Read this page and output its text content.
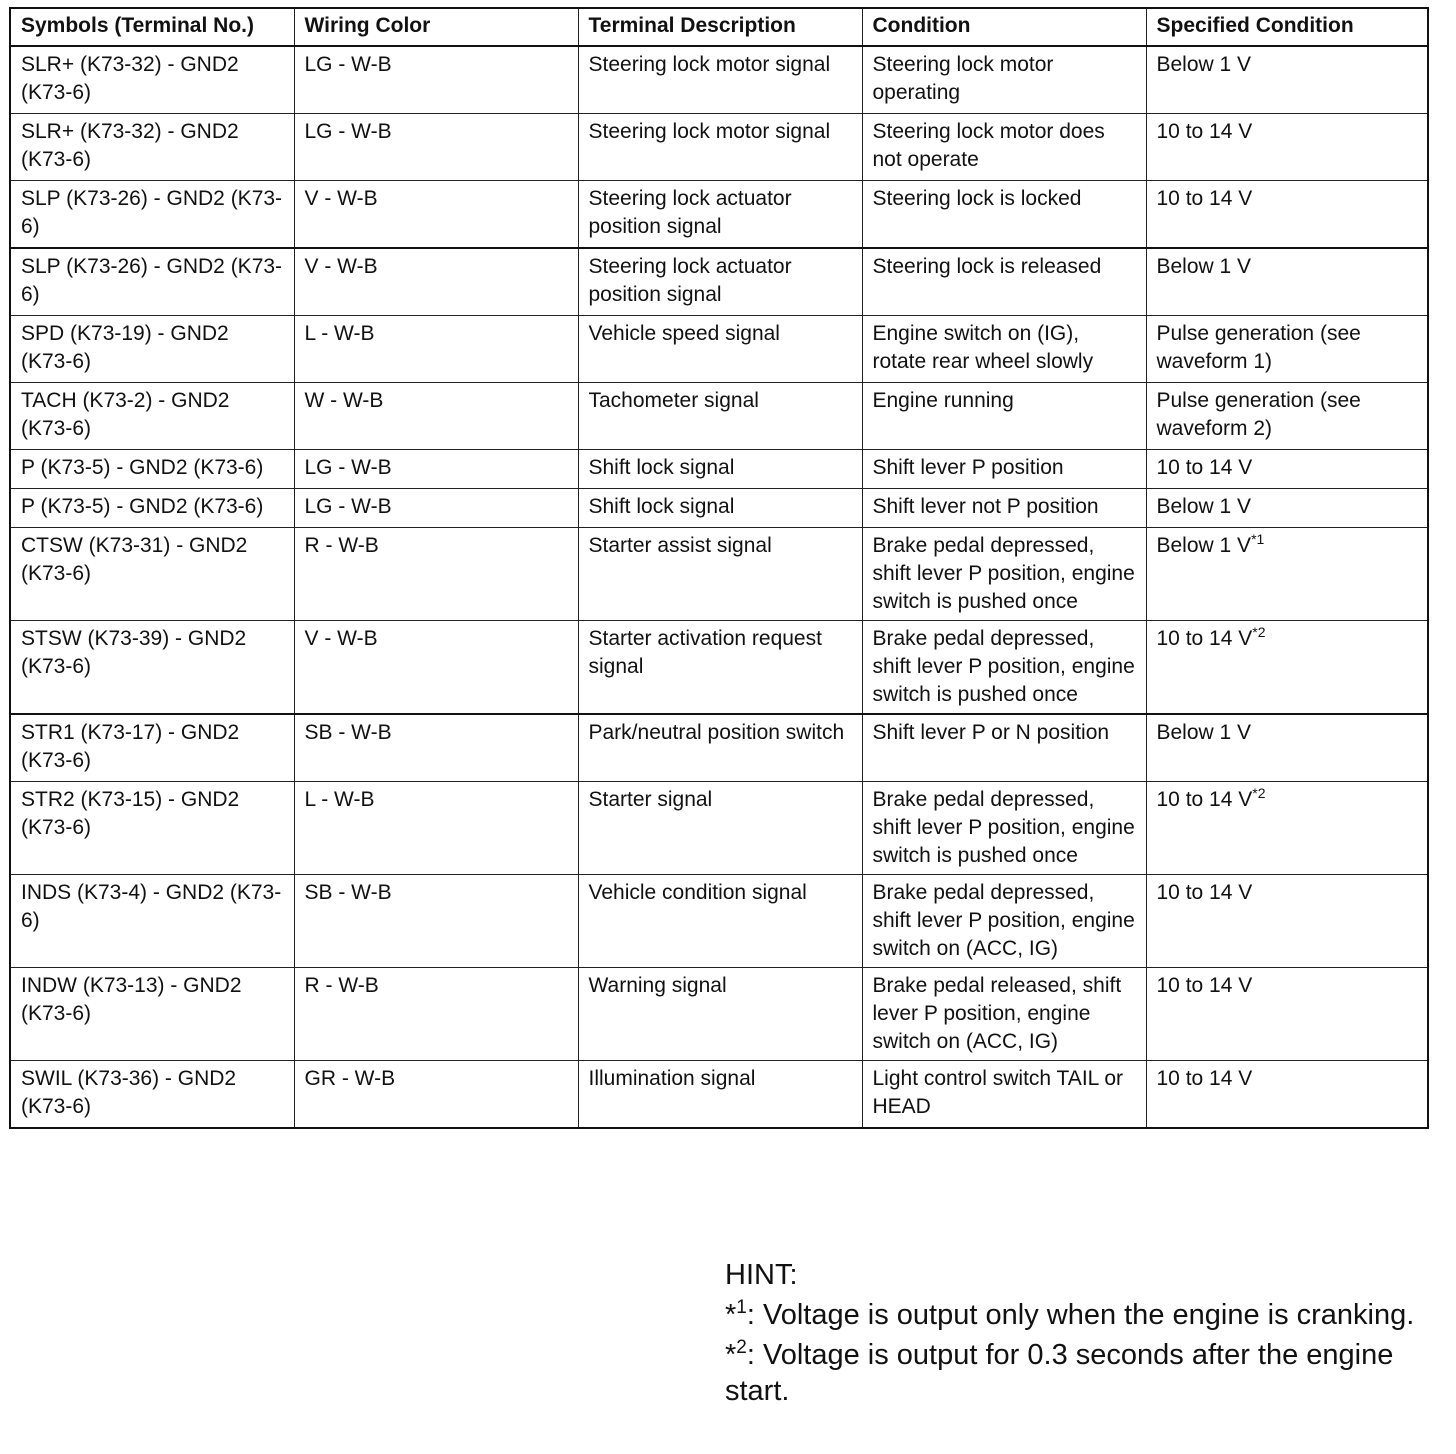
Symbols (Terminal No.)	Wiring Color	Terminal Description	Condition	Specified Condition
SLR+ (K73-32) - GND2 (K73-6)	LG - W-B	Steering lock motor signal	Steering lock motor operating	Below 1 V
SLR+ (K73-32) - GND2 (K73-6)	LG - W-B	Steering lock motor signal	Steering lock motor does not operate	10 to 14 V
SLP (K73-26) - GND2 (K73-6)	V - W-B	Steering lock actuator position signal	Steering lock is locked	10 to 14 V
SLP (K73-26) - GND2 (K73-6)	V - W-B	Steering lock actuator position signal	Steering lock is released	Below 1 V
SPD (K73-19) - GND2 (K73-6)	L - W-B	Vehicle speed signal	Engine switch on (IG), rotate rear wheel slowly	Pulse generation (see waveform 1)
TACH (K73-2) - GND2 (K73-6)	W - W-B	Tachometer signal	Engine running	Pulse generation (see waveform 2)
P (K73-5) - GND2 (K73-6)	LG - W-B	Shift lock signal	Shift lever P position	10 to 14 V
P (K73-5) - GND2 (K73-6)	LG - W-B	Shift lock signal	Shift lever not P position	Below 1 V
CTSW (K73-31) - GND2 (K73-6)	R - W-B	Starter assist signal	Brake pedal depressed, shift lever P position, engine switch is pushed once	Below 1 V$^{*1}$
STSW (K73-39) - GND2 (K73-6)	V - W-B	Starter activation request signal	Brake pedal depressed, shift lever P position, engine switch is pushed once	10 to 14 V$^{*2}$
STR1 (K73-17) - GND2 (K73-6)	SB - W-B	Park/neutral position switch	Shift lever P or N position	Below 1 V
STR2 (K73-15) - GND2 (K73-6)	L - W-B	Starter signal	Brake pedal depressed, shift lever P position, engine switch is pushed once	10 to 14 V$^{*2}$
INDS (K73-4) - GND2 (K73-6)	SB - W-B	Vehicle condition signal	Brake pedal depressed, shift lever P position, engine switch on (ACC, IG)	10 to 14 V
INDW (K73-13) - GND2 (K73-6)	R - W-B	Warning signal	Brake pedal released, shift lever P position, engine switch on (ACC, IG)	10 to 14 V
SWIL (K73-36) - GND2 (K73-6)	GR - W-B	Illumination signal	Light control switch TAIL or HEAD	10 to 14 V

HINT:

*$^1$: Voltage is output only when the engine is cranking.

*$^2$: Voltage is output for 0.3 seconds after the engine start.
